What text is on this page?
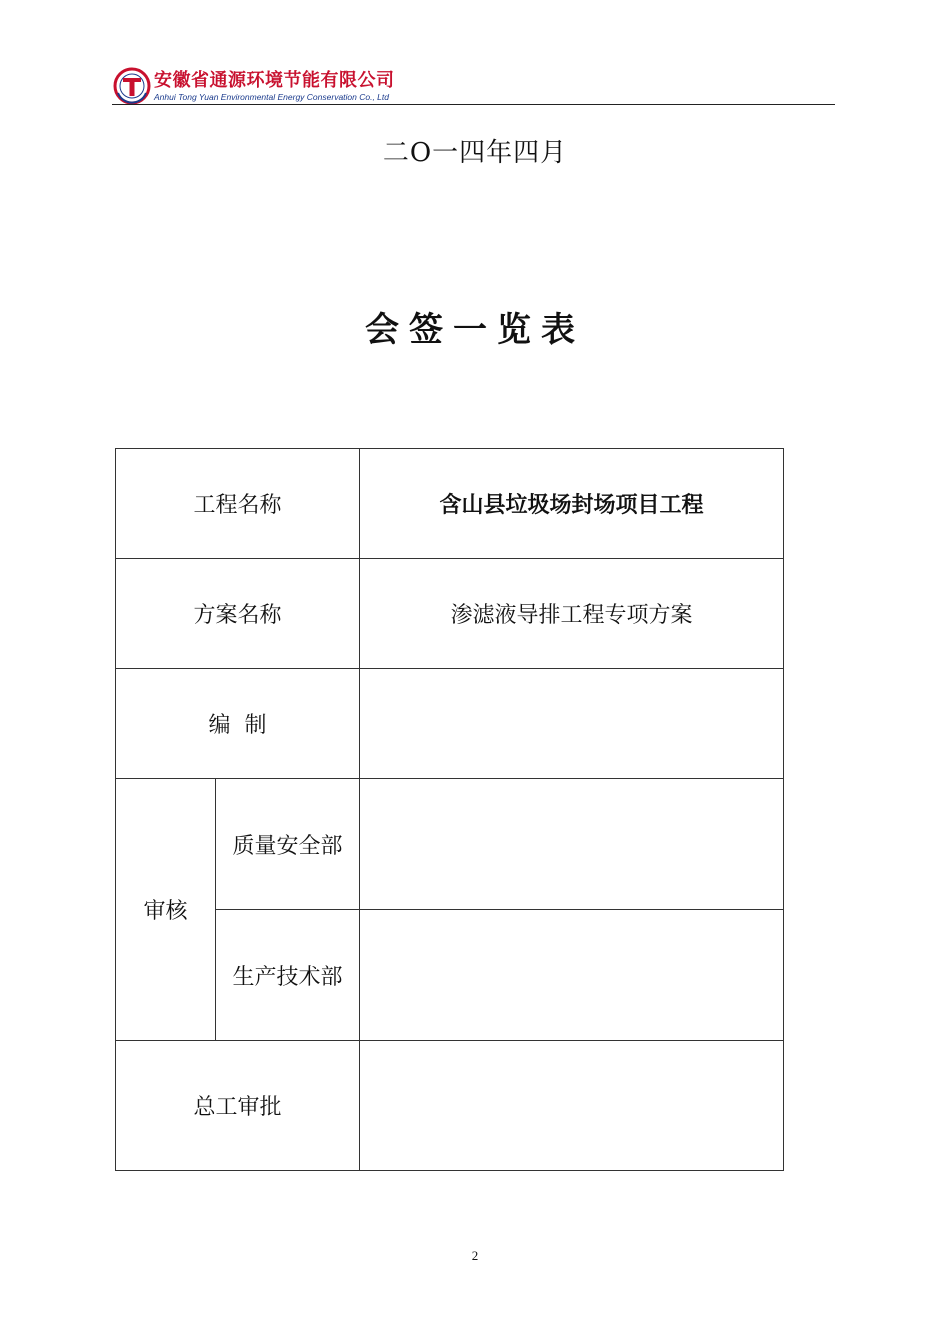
安徽省通源环境节能有限公司
Anhui Tong Yuan Environmental Energy Conservation Co., Ltd
二O一四年四月
会签一览表
工程名称		含山县垃圾场封场项目工程
方案名称		渗滤液导排工程专项方案
编  制		
审核	质量安全部	
	生产技术部	
总工审批		
2
